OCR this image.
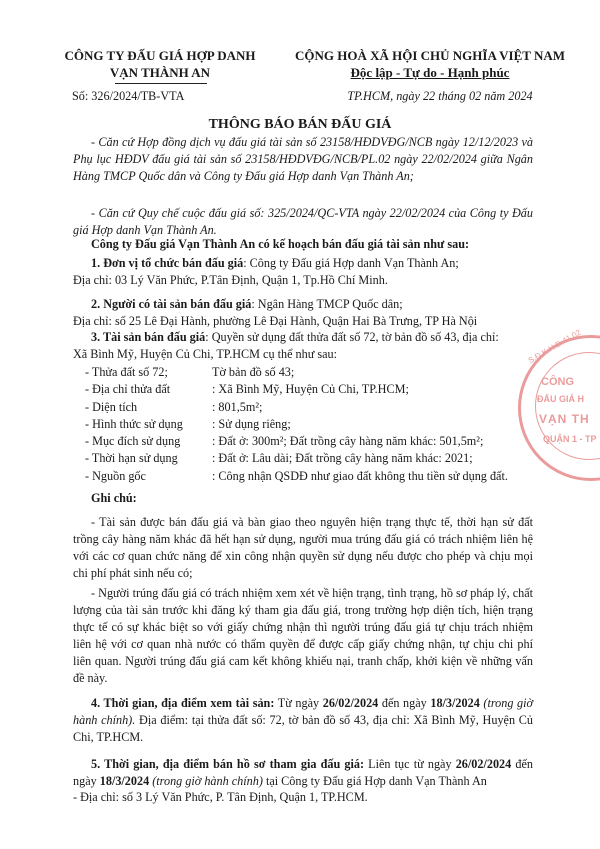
CÔNG TY ĐẤU GIÁ HỢP DANH
VẠN THÀNH AN
Số: 326/2024/TB-VTA
CỘNG HOÀ XÃ HỘI CHỦ NGHĨA VIỆT NAM
Độc lập - Tự do - Hạnh phúc
TP.HCM, ngày 22 tháng 02 năm 2024
THÔNG BÁO BÁN ĐẤU GIÁ
- Căn cứ Hợp đồng dịch vụ đấu giá tài sản số 23158/HĐDVĐG/NCB ngày 12/12/2023 và Phụ lục HĐDV đấu giá tài sản số 23158/HĐDVĐG/NCB/PL.02 ngày 22/02/2024 giữa Ngân Hàng TMCP Quốc dân và Công ty Đấu giá Hợp danh Vạn Thành An;
- Căn cứ Quy chế cuộc đấu giá số: 325/2024/QC-VTA ngày 22/02/2024 của Công ty Đấu giá Hợp danh Vạn Thành An.
Công ty Đấu giá Vạn Thành An có kế hoạch bán đấu giá tài sản như sau:
1. Đơn vị tổ chức bán đấu giá: Công ty Đấu giá Hợp danh Vạn Thành An;
Địa chỉ: 03 Lý Văn Phức, P.Tân Định, Quận 1, Tp.Hồ Chí Minh.
2. Người có tài sản bán đấu giá: Ngân Hàng TMCP Quốc dân;
Địa chỉ: số 25 Lê Đại Hành, phường Lê Đại Hành, Quận Hai Bà Trưng, TP Hà Nội
3. Tài sản bán đấu giá: Quyền sử dụng đất thửa đất số 72, tờ bản đồ số 43, địa chỉ:
Xã Bình Mỹ, Huyện Củ Chi, TP.HCM cụ thể như sau:
- Thửa đất số 72;	Tờ bản đồ số 43;
- Địa chỉ thửa đất	: Xã Bình Mỹ, Huyện Củ Chi, TP.HCM;
- Diện tích	: 801,5m²;
- Hình thức sử dụng	: Sử dụng riêng;
- Mục đích sử dụng	: Đất ở: 300m²; Đất trồng cây hàng năm khác: 501,5m²;
- Thời hạn sử dụng	: Đất ở: Lâu dài; Đất trồng cây hàng năm khác: 2021;
- Nguồn gốc	: Công nhận QSDĐ như giao đất không thu tiền sử dụng đất.
Ghi chú:
- Tài sản được bán đấu giá và bàn giao theo nguyên hiện trạng thực tế, thời hạn sử đất trồng cây hàng năm khác đã hết hạn sử dụng, người mua trúng đấu giá có trách nhiệm liên hệ với các cơ quan chức năng để xin công nhận quyền sử dụng nếu được cho phép và chịu mọi chi phí phát sinh nếu có;
- Người trúng đấu giá có trách nhiệm xem xét về hiện trạng, tình trạng, hồ sơ pháp lý, chất lượng của tài sản trước khi đăng ký tham gia đấu giá, trong trường hợp diện tích, hiện trạng thực tế có sự khác biệt so với giấy chứng nhận thì người trúng đấu giá tự chịu trách nhiệm liên hệ với cơ quan nhà nước có thẩm quyền để được cấp giấy chứng nhận, tự chịu chi phí liên quan. Người trúng đấu giá cam kết không khiếu nại, tranh chấp, khởi kiện về những vấn đề này.
4. Thời gian, địa điểm xem tài sản: Từ ngày 26/02/2024 đến ngày 18/3/2024 (trong giờ hành chính). Địa điểm: tại thửa đất số: 72, tờ bản đồ số 43, địa chỉ: Xã Bình Mỹ, Huyện Củ Chi, TP.HCM.
5. Thời gian, địa điểm bán hồ sơ tham gia đấu giá: Liên tục từ ngày 26/02/2024 đến ngày 18/3/2024 (trong giờ hành chính) tại Công ty Đấu giá Hợp danh Vạn Thành An
- Địa chỉ: số 3 Lý Văn Phức, P. Tân Định, Quận 1, TP.HCM.
S.Đ.K.H.Đ:41.02
CÔNG
ĐẤU GIÁ H
VẠN TH
QUẬN 1 - TP
